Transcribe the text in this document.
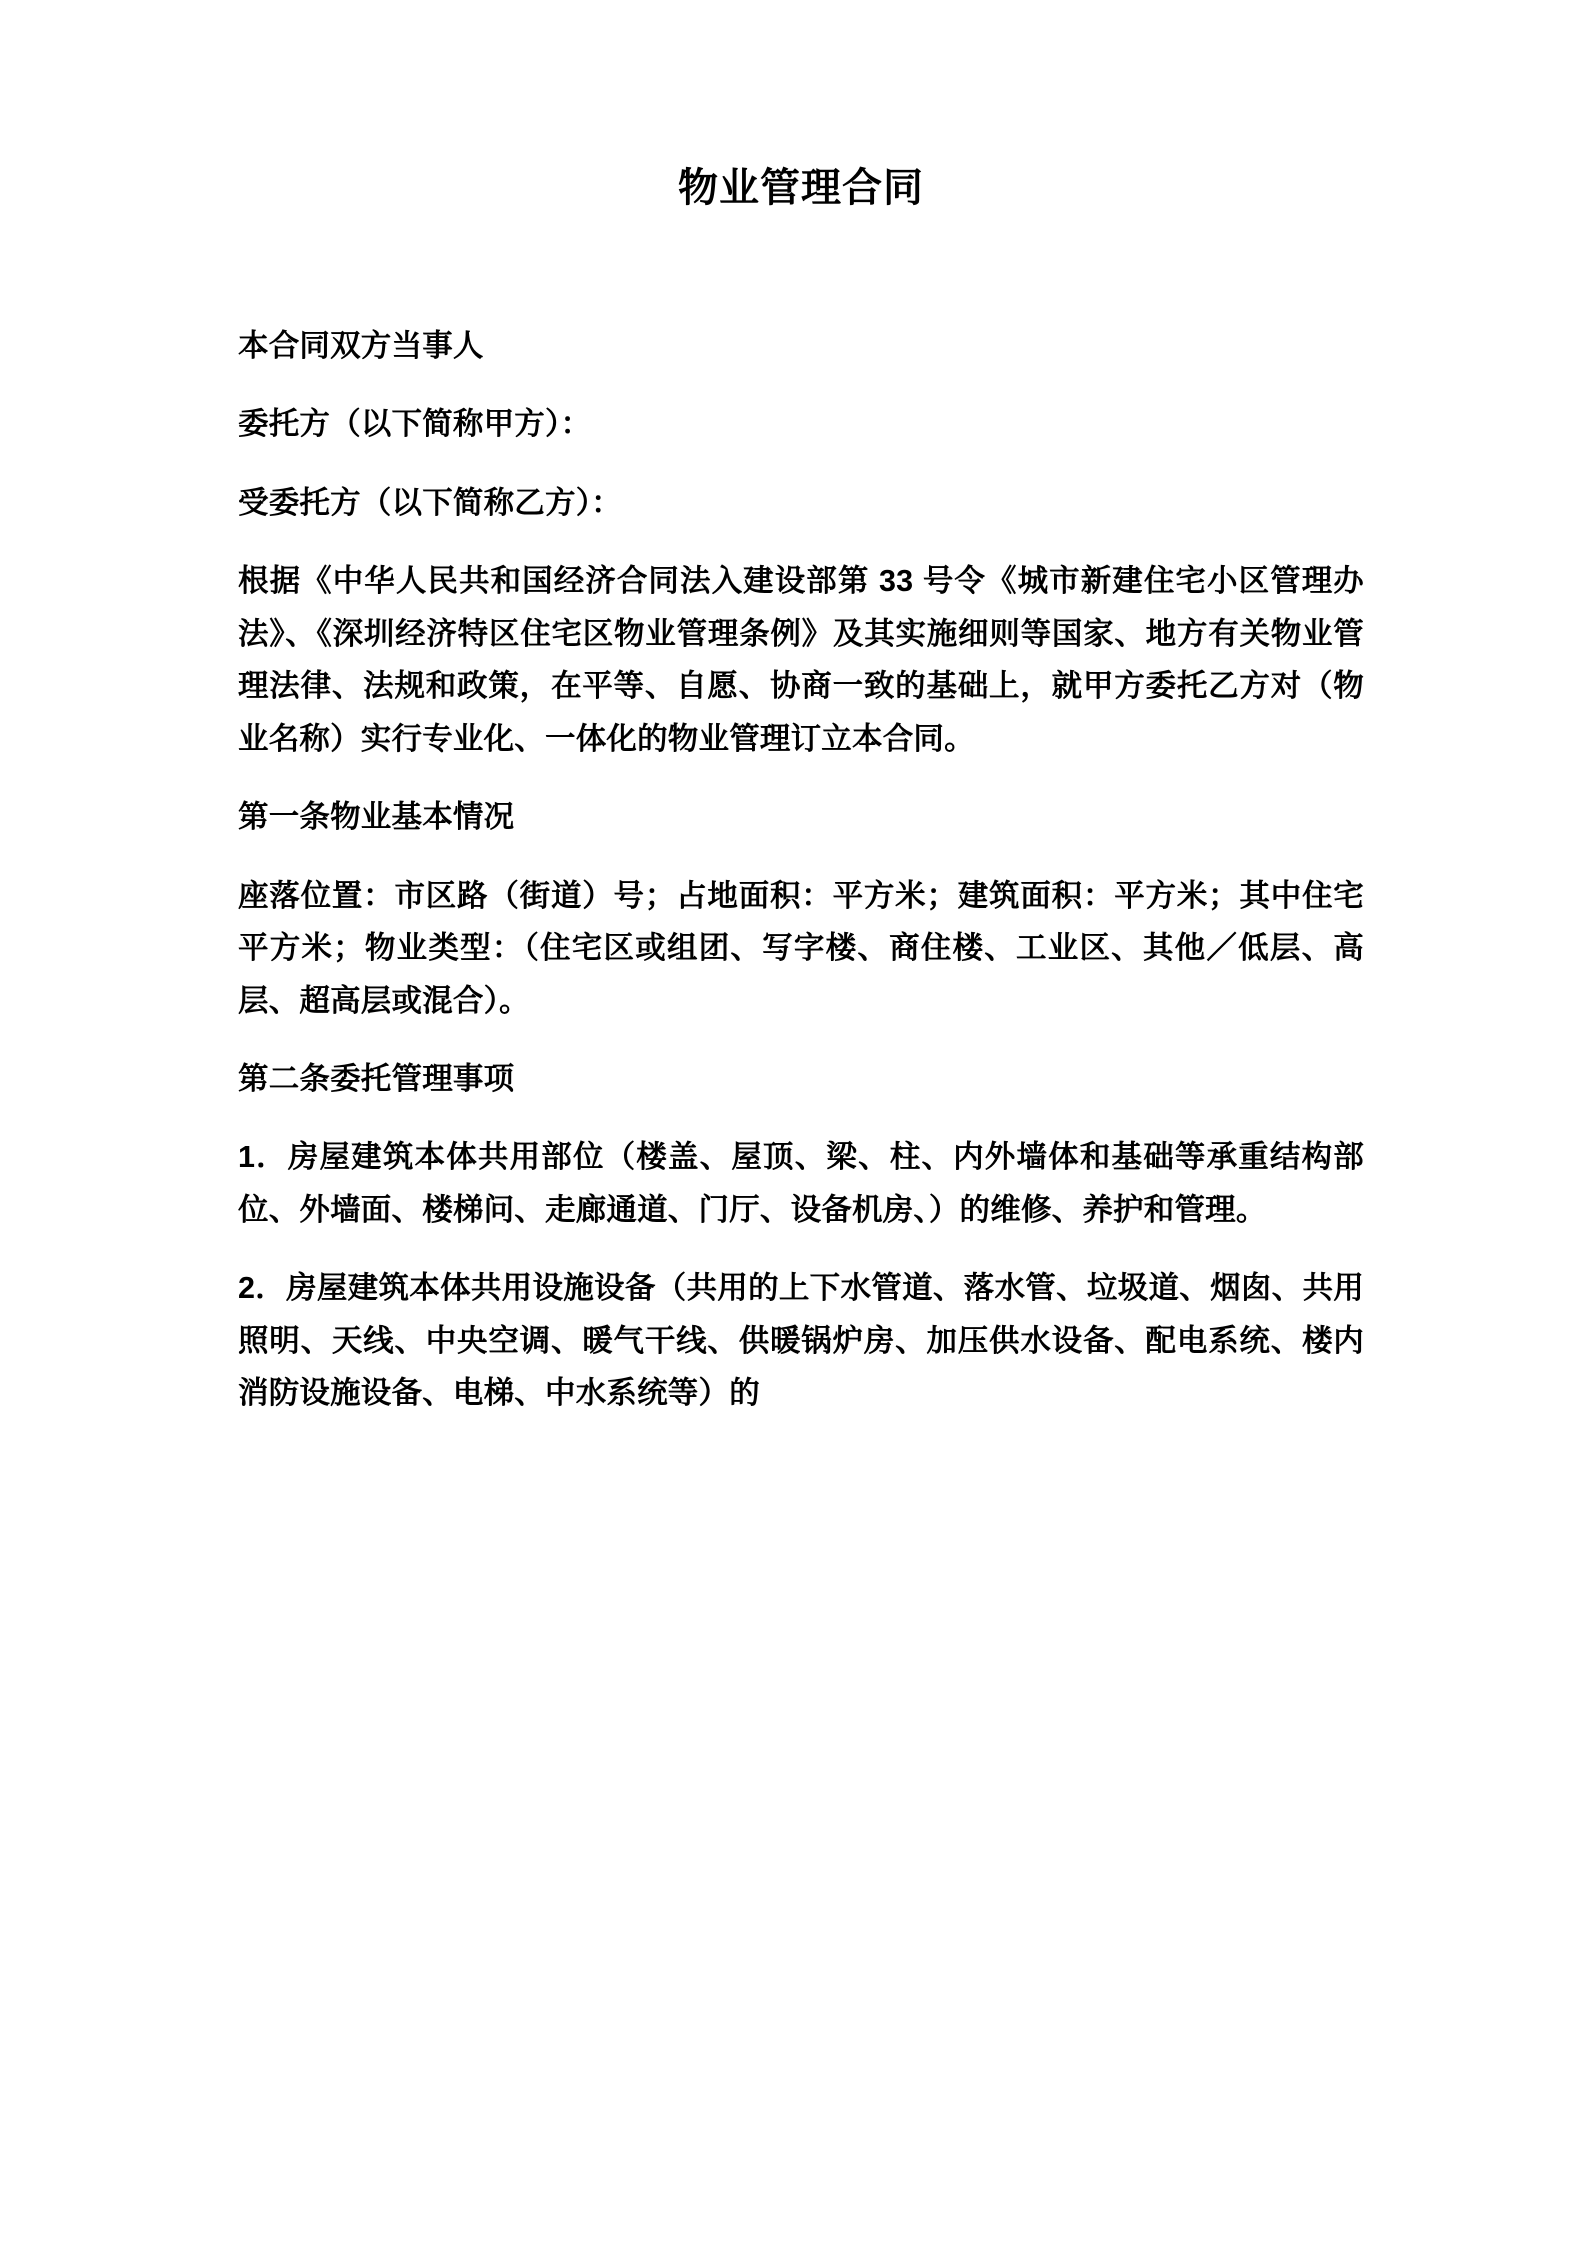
物业管理合同

本合同双方当事人

委托方（以下简称甲方）：

受委托方（以下简称乙方）：

根据《中华人民共和国经济合同法入建设部第 33 号令《城市新建住宅小区管理办法》、《深圳经济特区住宅区物业管理条例》及其实施细则等国家、地方有关物业管理法律、法规和政策，在平等、自愿、协商一致的基础上，就甲方委托乙方对（物业名称）实行专业化、一体化的物业管理订立本合同。

第一条物业基本情况

座落位置：市区路（街道）号；占地面积：平方米；建筑面积：平方米；其中住宅平方米；物业类型：（住宅区或组团、写字楼、商住楼、工业区、其他／低层、高层、超高层或混合）。

第二条委托管理事项

1．房屋建筑本体共用部位（楼盖、屋顶、梁、柱、内外墙体和基础等承重结构部位、外墙面、楼梯问、走廊通道、门厅、设备机房、）的维修、养护和管理。

2．房屋建筑本体共用设施设备（共用的上下水管道、落水管、垃圾道、烟囱、共用照明、天线、中央空调、暖气干线、供暖锅炉房、加压供水设备、配电系统、楼内消防设施设备、电梯、中水系统等）的
